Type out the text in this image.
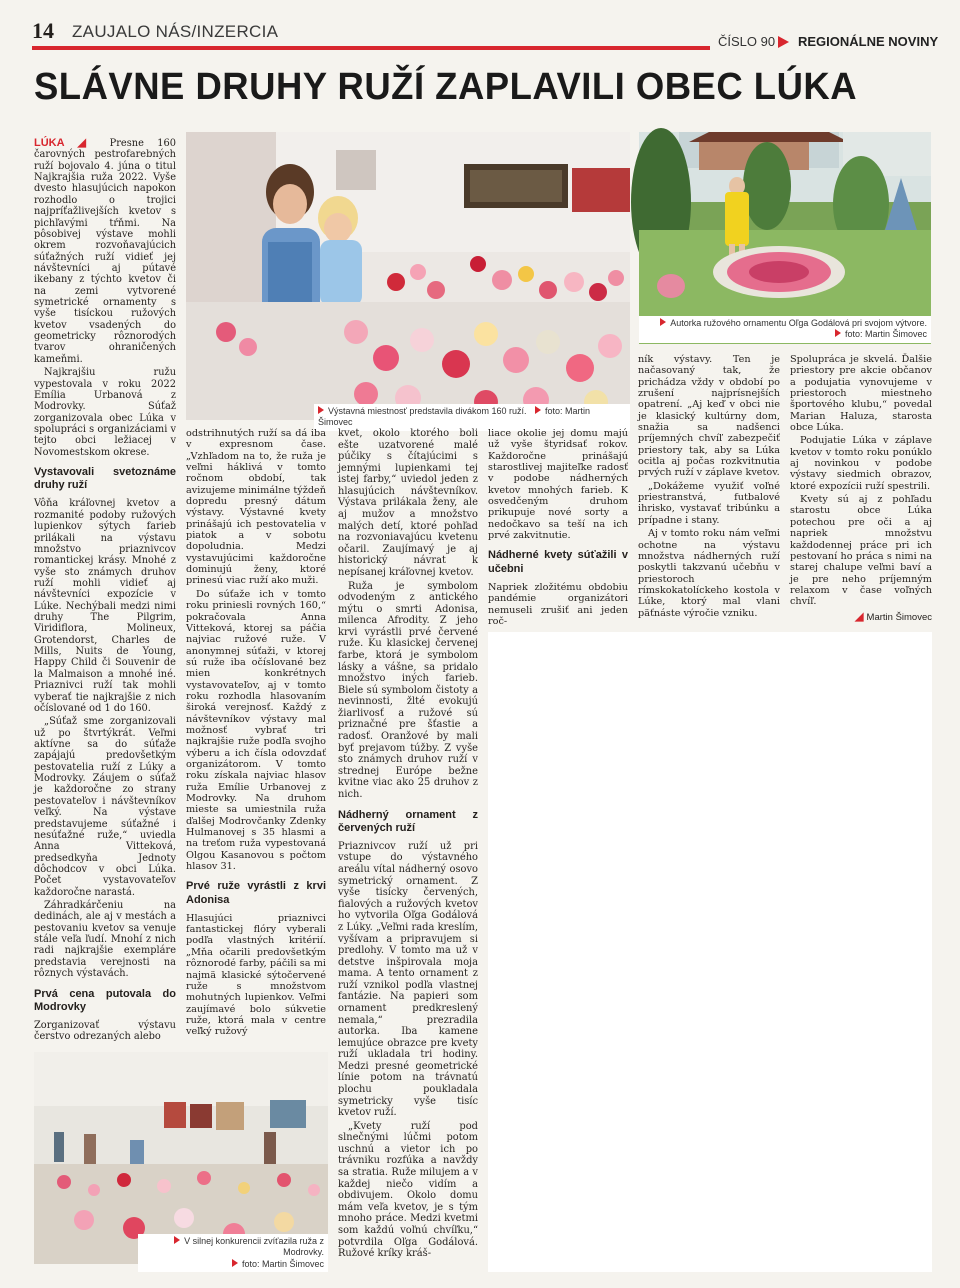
14 ZAUJALO NÁS/INZERCIA
ČÍSLO 90 REGIONÁLNE NOVINY
SLÁVNE DRUHY RUŽÍ ZAPLAVILI OBEC LÚKA
Výstavná miestnosť predstavila divákom 160 ruží. foto: Martin Šimovec
Autorka ružového ornamentu Oľga Godálová pri svojom výtvore.
foto: Martin Šimovec
V silnej konkurencii zvíťazila ruža z Modrovky.
foto: Martin Šimovec

LÚKA ◢ Presne 160 čarovných pestrofarebných ruží bojovalo 4. júna o titul Najkrajšia ruža 2022. Vyše dvesto hlasujúcich napokon rozhodlo o trojici najpríťažlivejších kvetov s pichľavými tŕňmi. Na pôsobivej výstave mohli okrem rozvoňavajúcich súťažných ruží vidieť jej návštevníci aj pútavé ikebany z týchto kvetov či na zemi vytvorené symetrické ornamenty s vyše tisíckou ružových kvetov vsadených do geometricky rôznorodých tvarov ohraničených kameňmi.

Najkrajšiu ružu vypestovala v roku 2022 Emília Urbanová z Modrovky. Súťaž zorganizovala obec Lúka v spolupráci s organizáciami v tejto obci ležiacej v Novomestskom okrese.

Vystavovali svetoznáme druhy ruží

Vôňa kráľovnej kvetov a rozmanité podoby ružových lupienkov sýtych farieb prilákali na výstavu množstvo priaznivcov romantickej krásy. Mnohé z vyše sto známych druhov ruží mohli vidieť aj návštevníci expozície v Lúke. Nechýbali medzi nimi druhy The Pilgrim, Viridiflora, Molineux, Grotendorst, Charles de Mills, Nuits de Young, Happy Child či Souvenir de la Malmaison a mnohé iné. Priaznivci ruží tak mohli vyberať tie najkrajšie z nich očíslované od 1 do 160.

„Súťaž sme zorganizovali už po štvrtýkrát. Veľmi aktívne sa do súťaže zapájajú predovšetkým pestovatelia ruží z Lúky a Modrovky. Záujem o súťaž je každoročne zo strany pestovateľov i návštevníkov veľký. Na výstave predstavujeme súťažné i nesúťažné ruže,“ uviedla Anna Vitteková, predsedkyňa Jednoty dôchodcov v obci Lúka. Počet vystavovateľov každoročne narastá.

Záhradkárčeniu na dedinách, ale aj v mestách a pestovaniu kvetov sa venuje stále veľa ľudí. Mnohí z nich radi najkrajšie exempláre predstavia verejnosti na rôznych výstavách.

Prvá cena putovala do Modrovky

Zorganizovať výstavu čerstvo odrezaných alebo

odstrihnutých ruží sa dá iba v expresnom čase. „Vzhľadom na to, že ruža je veľmi háklivá v tomto ročnom období, tak avizujeme minimálne týždeň dopredu presný dátum výstavy. Výstavné kvety prinášajú ich pestovatelia v piatok a v sobotu dopoludnia. Medzi vystavujúcimi každoročne dominujú ženy, ktoré prinesú viac ruží ako muži.

Do súťaže ich v tomto roku priniesli rovných 160,“ pokračovala Anna Vitteková, ktorej sa páčia najviac ružové ruže. V anonymnej súťaži, v ktorej sú ruže iba očíslované bez mien konkrétnych vystavovateľov, aj v tomto roku rozhodla hlasovaním široká verejnosť. Každý z návštevníkov výstavy mal možnosť vybrať tri najkrajšie ruže podľa svojho výberu a ich čísla odovzdať organizátorom. V tomto roku získala najviac hlasov ruža Emílie Urbanovej z Modrovky. Na druhom mieste sa umiestnila ruža ďalšej Modrovčanky Zdenky Hulmanovej s 35 hlasmi a na treťom ruža vypestovaná Olgou Kasanovou s počtom hlasov 31.

Prvé ruže vyrástli z krvi Adonisa

Hlasujúci priaznivci fantastickej flóry vyberali podľa vlastných kritérií. „Mňa očarili predovšetkým rôznorodé farby, páčili sa mi najmä klasické sýtočervené ruže s množstvom mohutných lupienkov. Veľmi zaujímavé bolo súkvetie ruže, ktorá mala v centre veľký ružový

kvet, okolo ktorého boli ešte uzatvorené malé púčiky s čítajúcimi s jemnými lupienkami tej istej farby,“ uviedol jeden z hlasujúcich návštevníkov. Výstava prilákala ženy, ale aj mužov a množstvo malých detí, ktoré pohľad na rozvoniavajúcu kvetenu očaril. Zaujímavý je aj historický návrat k nepísanej kráľovnej kvetov.

Ruža je symbolom odvodeným z antického mýtu o smrti Adonisa, milenca Afrodity. Z jeho krvi vyrástli prvé červené ruže. Ku klasickej červenej farbe, ktorá je symbolom lásky a vášne, sa pridalo množstvo iných farieb. Biele sú symbolom čistoty a nevinnosti, žlté evokujú žiarlivosť a ružové sú priznačné pre šťastie a radosť. Oranžové by mali byť prejavom túžby. Z vyše sto známych druhov ruží v strednej Európe bežne kvitne viac ako 25 druhov z nich.

Nádherný ornament z červených ruží

Priaznivcov ruží už pri vstupe do výstavného areálu vítal nádherný osovo symetrický ornament. Z vyše tisícky červených, fialových a ružových kvetov ho vytvorila Oľga Godálová z Lúky. „Veľmi rada kreslím, vyšívam a pripravujem si predlohy. V tomto ma už v detstve inšpirovala moja mama. A tento ornament z ruží vznikol podľa vlastnej fantázie. Na papieri som ornament predkreslený nemala,“ prezradila autorka. Iba kamene lemujúce obrazce pre kvety ruží ukladala tri hodiny. Medzi presné geometrické línie potom na trávnatú plochu poukladala symetricky vyše tisíc kvetov ruží.

„Kvety ruží pod slnečnými lúčmi potom uschnú a vietor ich po trávniku rozfúka a navždy sa stratia. Ruže milujem a v každej niečo vidím a obdivujem. Okolo domu mám veľa kvetov, je s tým mnoho práce. Medzi kvetmi som každú voľnú chvíľku,“ potvrdila Oľga Godálová. Ružové kríky kráš-

liace okolie jej domu majú už vyše štyridsať rokov. Každoročne prinášajú starostlivej majiteľke radosť v podobe nádherných kvetov mnohých farieb. K osvedčeným druhom prikupuje nové sorty a nedočkavo sa teší na ich prvé zakvitnutie.

Nádherné kvety súťažili v učebni

Napriek zložitému obdobiu pandémie organizátori nemuseli zrušiť ani jeden roč-

ník výstavy. Ten je načasovaný tak, že prichádza vždy v období po zrušení najprísnejších opatrení. „Aj keď v obci nie je klasický kultúrny dom, snažia sa nadšenci príjemných chvíľ zabezpečiť priestory tak, aby sa Lúka ocitla aj počas rozkvitnutia prvých ruží v záplave kvetov.

„Dokážeme využiť voľné priestranstvá, futbalové ihrisko, vystavať tribúnku a prípadne i stany.

Aj v tomto roku nám veľmi ochotne na výstavu množstva nádherných ruží poskytli takzvanú učebňu v priestoroch rímskokatolíckeho kostola v Lúke, ktorý mal vlani päťnáste výročie vzniku.

Spolupráca je skvelá. Ďalšie priestory pre akcie občanov a podujatia vynovujeme v priestoroch miestneho športového klubu,“ povedal Marian Haluza, starosta obce Lúka.

Podujatie Lúka v záplave kvetov v tomto roku ponúklo aj novinkou v podobe výstavy siedmich obrazov, ktoré expozícii ruží spestrili.

Kvety sú aj z pohľadu starostu obce Lúka potechou pre oči a aj napriek množstvu každodennej práce pri ich pestovaní ho práca s nimi na starej chalupe veľmi baví a je pre neho príjemným relaxom v čase voľných chvíľ.

◢ Martin Šimovec
